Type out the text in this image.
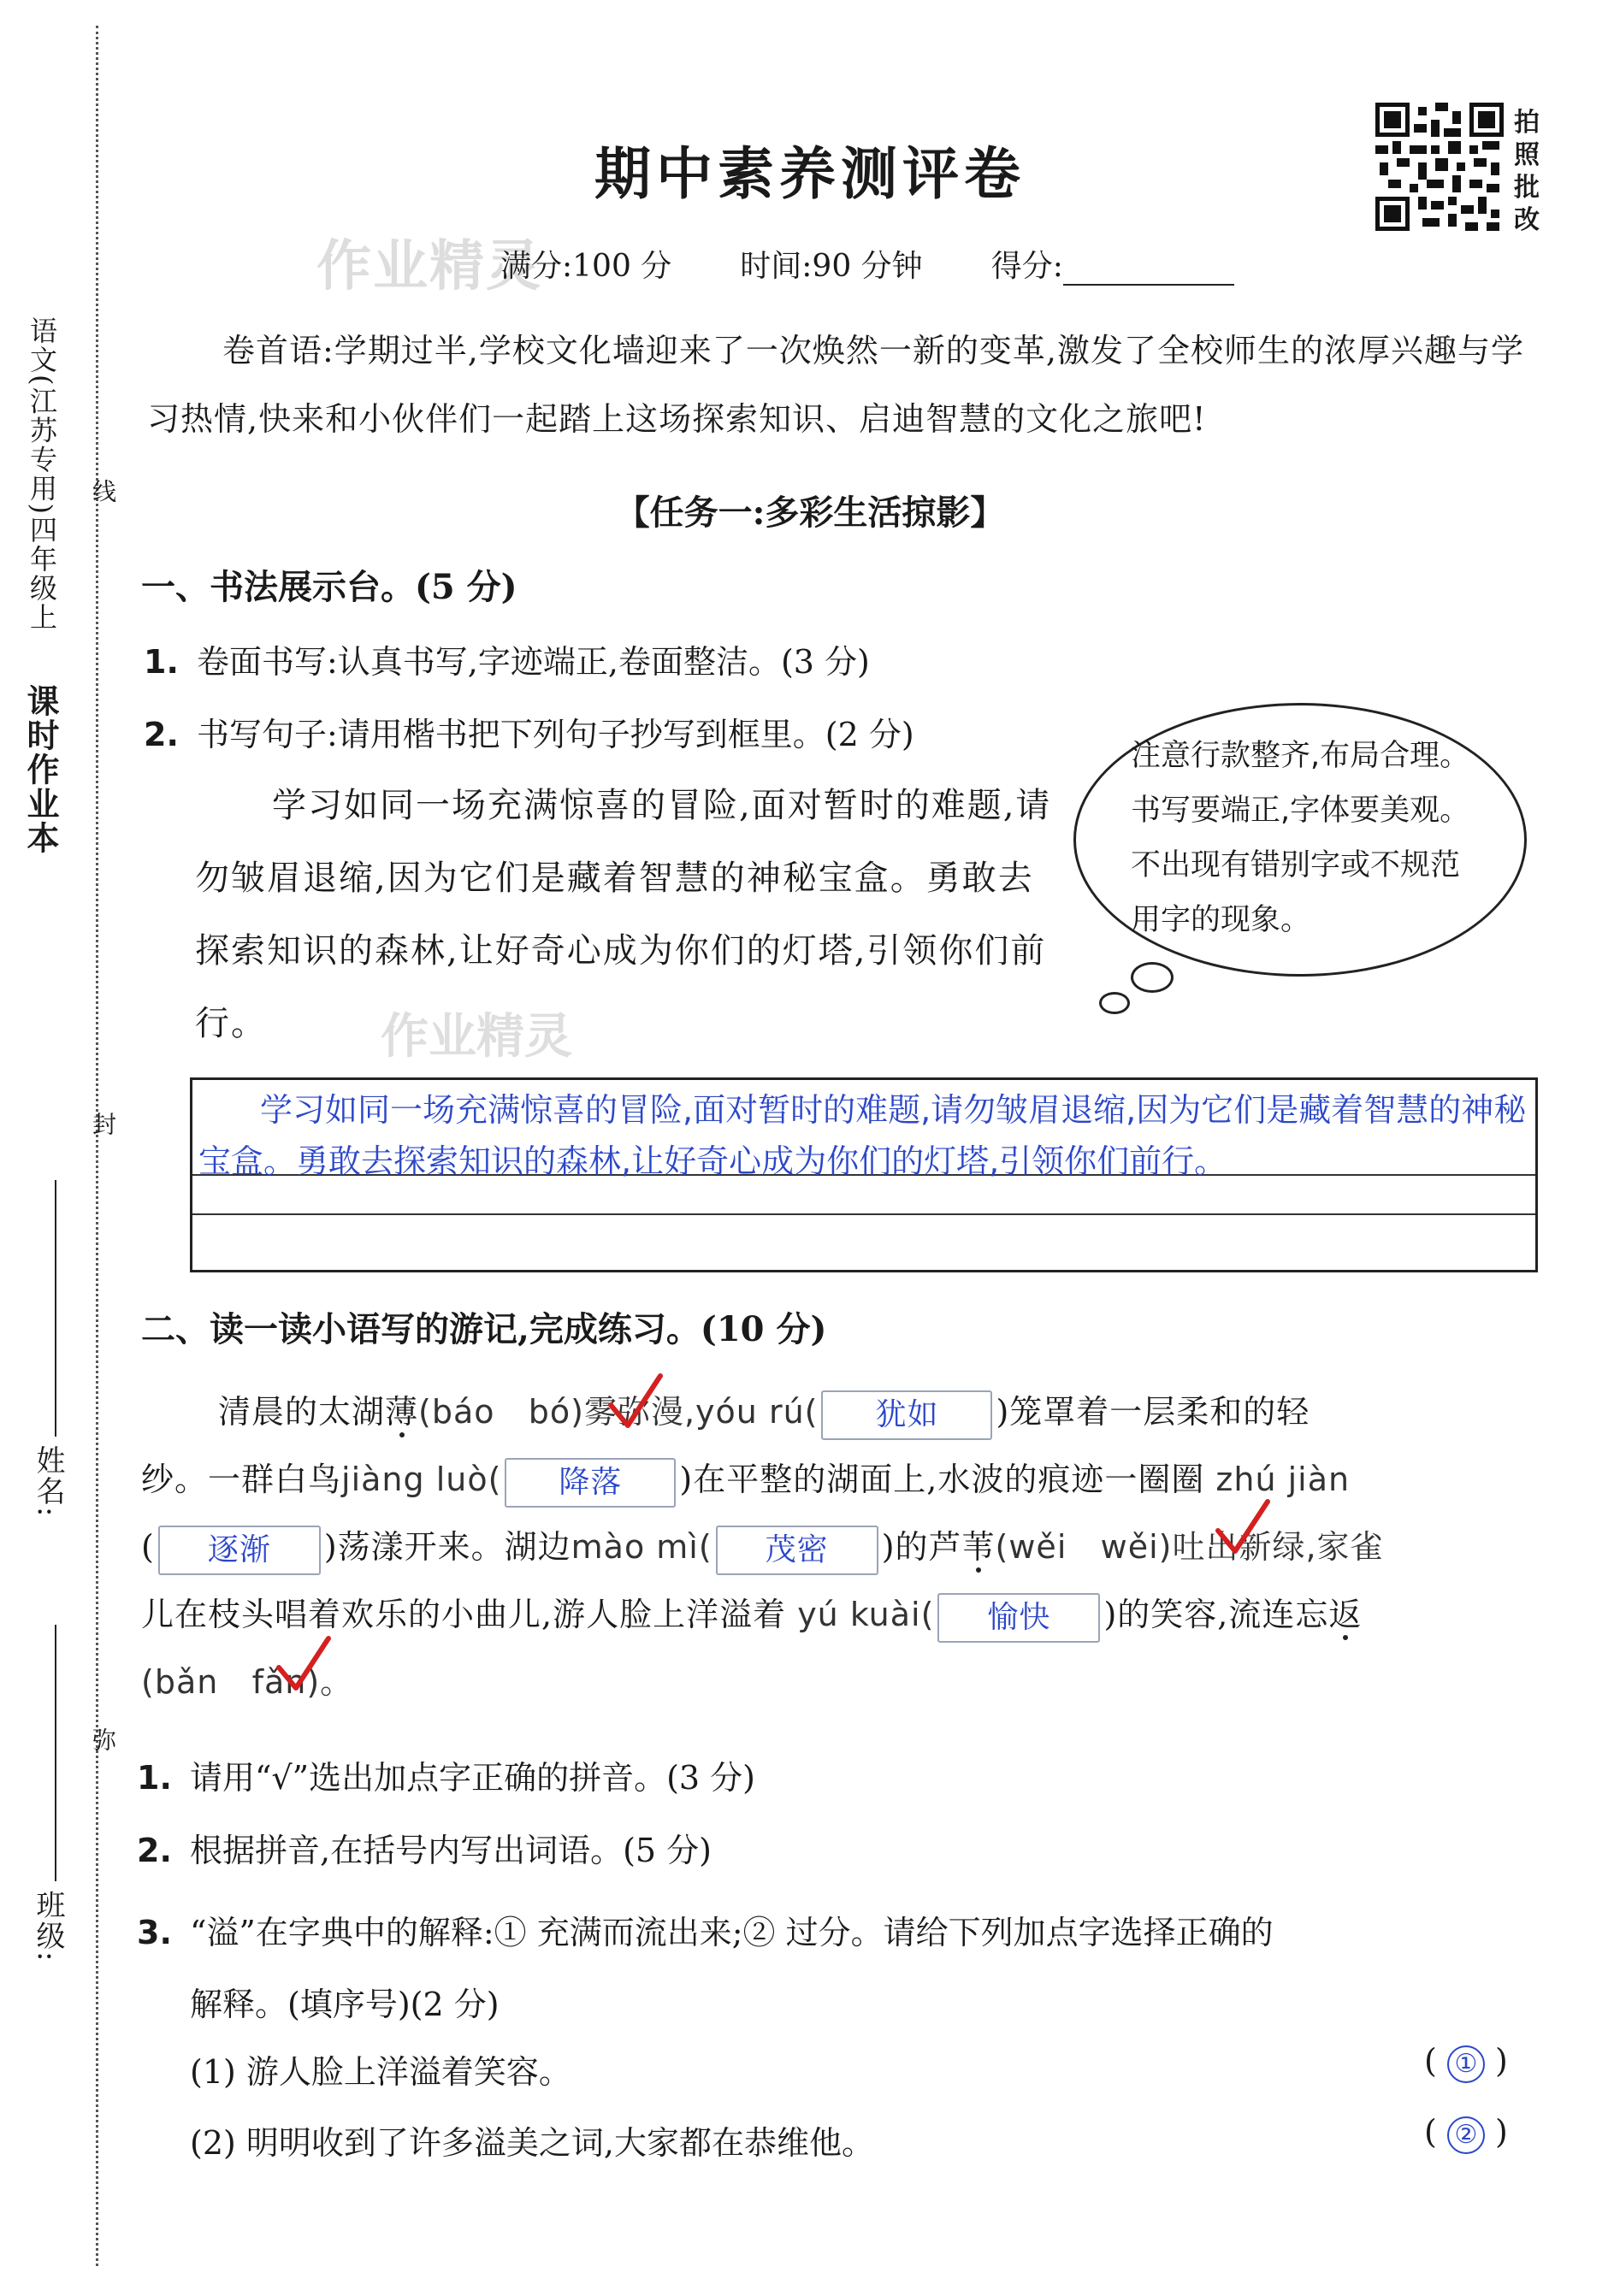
课时作业本
语文(江苏专用)四年级上 线
封
弥
姓名:
班级:
期中素养测评卷
作业精灵
拍照批改
满分:100 分 时间:90 分钟 得分:
卷首语:学期过半,学校文化墙迎来了一次焕然一新的变革,激发了全校师生的浓厚兴趣与学习热情,快来和小伙伴们一起踏上这场探索知识、启迪智慧的文化之旅吧!
【任务一:多彩生活掠影】
一、书法展示台。(5 分)
1. 卷面书写:认真书写,字迹端正,卷面整洁。(3 分)
2. 书写句子:请用楷书把下列句子抄写到框里。(2 分)
学习如同一场充满惊喜的冒险,面对暂时的难题,请勿皱眉退缩,因为它们是藏着智慧的神秘宝盒。勇敢去探索知识的森林,让好奇心成为你们的灯塔,引领你们前行。
注意行款整齐,布局合理。
书写要端正,字体要美观。
不出现有错别字或不规范
用字的现象。
作业精灵
学习如同一场充满惊喜的冒险,面对暂时的难题,请勿皱眉退缩,因为它们是藏着智慧的神秘宝盒。勇敢去探索知识的森林,让好奇心成为你们的灯塔,引领你们前行。
二、读一读小语写的游记,完成练习。(10 分)
清晨的太湖薄(báo bó)雾弥漫,yóu rú( 犹如 )笼罩着一层柔和的轻
纱。一群白鸟jiàng luò( 降落 )在平整的湖面上,水波的痕迹一圈圈 zhú jiàn
( 逐渐 )荡漾开来。湖边mào mì( 茂密 )的芦苇(wěi wěi)吐出新绿,家雀
儿在枝头唱着欢乐的小曲儿,游人脸上洋溢着 yú kuài( 愉快 )的笑容,流连忘返
(bǎn fǎn)。
1. 请用“√”选出加点字正确的拼音。(3 分)
2. 根据拼音,在括号内写出词语。(5 分)
3. “溢”在字典中的解释:① 充满而流出来;② 过分。请给下列加点字选择正确的
解释。(填序号)(2 分)
(1) 游人脸上洋溢着笑容。	( ① )
(2) 明明收到了许多溢美之词,大家都在恭维他。	( ② )
